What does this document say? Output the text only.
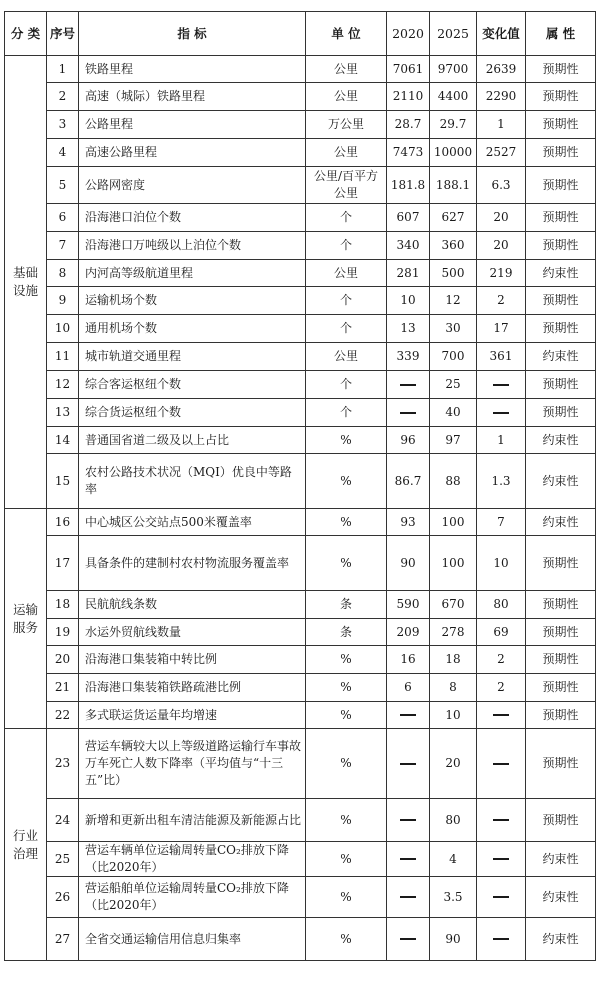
分 类	序号	指 标	单 位	2020	2025	变化值	属 性
基础设施	1	铁路里程	公里	7061	9700	2639	预期性
	2	高速（城际）铁路里程	公里	2110	4400	2290	预期性
	3	公路里程	万公里	28.7	29.7	1	预期性
	4	高速公路里程	公里	7473	10000	2527	预期性
	5	公路网密度	公里/百平方公里	181.8	188.1	6.3	预期性
	6	沿海港口泊位个数	个	607	627	20	预期性
	7	沿海港口万吨级以上泊位个数	个	340	360	20	预期性
	8	内河高等级航道里程	公里	281	500	219	约束性
	9	运输机场个数	个	10	12	2	预期性
	10	通用机场个数	个	13	30	17	预期性
	11	城市轨道交通里程	公里	339	700	361	约束性
	12	综合客运枢纽个数	个		25		预期性
	13	综合货运枢纽个数	个		40		预期性
	14	普通国省道二级及以上占比	%	96	97	1	约束性
	15	农村公路技术状况（MQI）优良中等路率	%	86.7	88	1.3	约束性
运输服务	16	中心城区公交站点500米覆盖率	%	93	100	7	约束性
	17	具备条件的建制村农村物流服务覆盖率	%	90	100	10	预期性
	18	民航航线条数	条	590	670	80	预期性
	19	水运外贸航线数量	条	209	278	69	预期性
	20	沿海港口集装箱中转比例	%	16	18	2	预期性
	21	沿海港口集装箱铁路疏港比例	%	6	8	2	预期性
	22	多式联运货运量年均增速	%		10		预期性
行业治理	23	营运车辆较大以上等级道路运输行车事故万车死亡人数下降率（平均值与“十三五”比）	%		20		预期性
	24	新增和更新出租车清洁能源及新能源占比	%		80		预期性
	25	营运车辆单位运输周转量CO₂排放下降（比2020年）	%		4		约束性
	26	营运船舶单位运输周转量CO₂排放下降（比2020年）	%		3.5		约束性
	27	全省交通运输信用信息归集率	%		90		约束性
